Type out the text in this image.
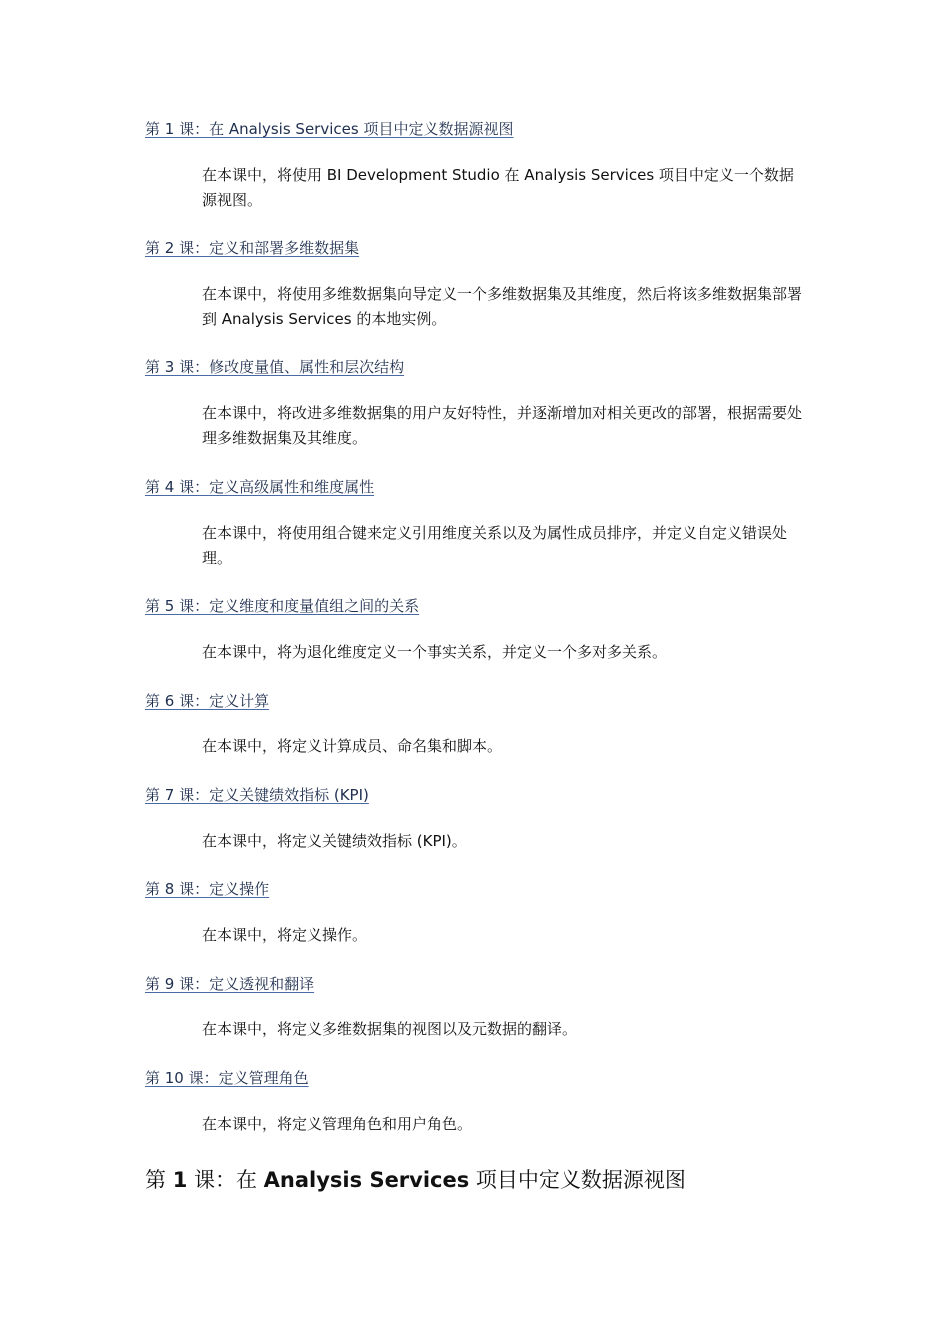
第 1 课：在 Analysis Services 项目中定义数据源视图

在本课中，将使用 BI Development Studio 在 Analysis Services 项目中定义一个数据源视图。

第 2 课：定义和部署多维数据集

在本课中，将使用多维数据集向导定义一个多维数据集及其维度，然后将该多维数据集部署到 Analysis Services 的本地实例。

第 3 课：修改度量值、属性和层次结构

在本课中，将改进多维数据集的用户友好特性，并逐渐增加对相关更改的部署，根据需要处理多维数据集及其维度。

第 4 课：定义高级属性和维度属性

在本课中，将使用组合键来定义引用维度关系以及为属性成员排序，并定义自定义错误处理。

第 5 课：定义维度和度量值组之间的关系

在本课中，将为退化维度定义一个事实关系，并定义一个多对多关系。

第 6 课：定义计算

在本课中，将定义计算成员、命名集和脚本。

第 7 课：定义关键绩效指标 (KPI)

在本课中，将定义关键绩效指标 (KPI)。

第 8 课：定义操作

在本课中，将定义操作。

第 9 课：定义透视和翻译

在本课中，将定义多维数据集的视图以及元数据的翻译。

第 10 课：定义管理角色

在本课中，将定义管理角色和用户角色。

第 1 课：在 Analysis Services 项目中定义数据源视图
